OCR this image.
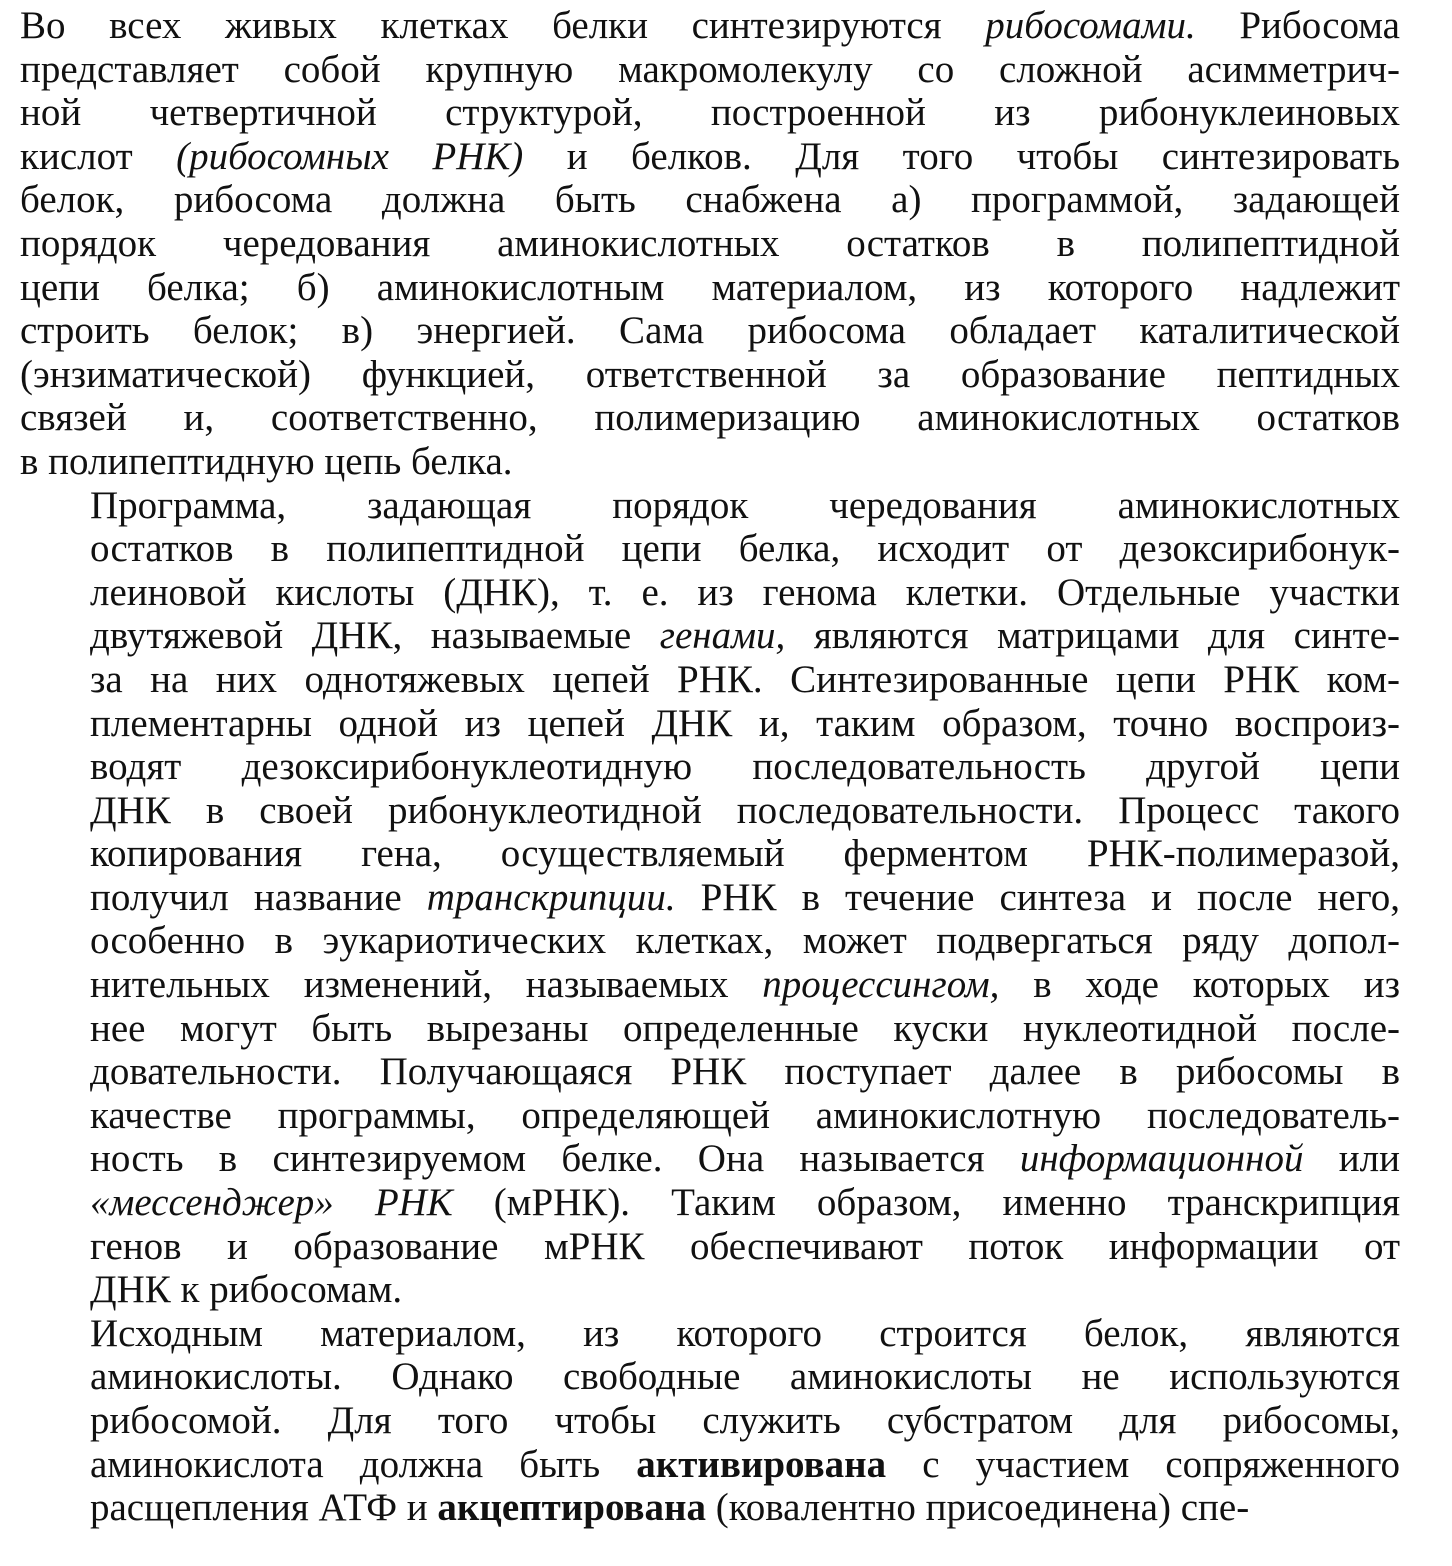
Во всех живых клетках белки синтезируются рибосомами. Рибосома
представляет собой крупную макромолекулу со сложной асимметрич-
ной четвертичной структурой, построенной из рибонуклеиновых
кислот (рибосомных РНК) и белков. Для того чтобы синтезировать
белок, рибосома должна быть снабжена а) программой, задающей
порядок чередования аминокислотных остатков в полипептидной
цепи белка; б) аминокислотным материалом, из которого надлежит
строить белок; в) энергией. Сама рибосома обладает каталитической
(энзиматической) функцией, ответственной за образование пептидных
связей и, соответственно, полимеризацию аминокислотных остатков
в полипептидную цепь белка.
Программа, задающая порядок чередования аминокислотных
остатков в полипептидной цепи белка, исходит от дезоксирибонук-
леиновой кислоты (ДНК), т. е. из генома клетки. Отдельные участки
двутяжевой ДНК, называемые генами, являются матрицами для синте-
за на них однотяжевых цепей РНК. Синтезированные цепи РНК ком-
плементарны одной из цепей ДНК и, таким образом, точно воспроиз-
водят дезоксирибонуклеотидную последовательность другой цепи
ДНК в своей рибонуклеотидной последовательности. Процесс такого
копирования гена, осуществляемый ферментом РНК-полимеразой,
получил название транскрипции. РНК в течение синтеза и после него,
особенно в эукариотических клетках, может подвергаться ряду допол-
нительных изменений, называемых процессингом, в ходе которых из
нее могут быть вырезаны определенные куски нуклеотидной после-
довательности. Получающаяся РНК поступает далее в рибосомы в
качестве программы, определяющей аминокислотную последователь-
ность в синтезируемом белке. Она называется информационной или
«мессенджер» РНК (мРНК). Таким образом, именно транскрипция
генов и образование мРНК обеспечивают поток информации от
ДНК к рибосомам.
Исходным материалом, из которого строится белок, являются
аминокислоты. Однако свободные аминокислоты не используются
рибосомой. Для того чтобы служить субстратом для рибосомы,
аминокислота должна быть активирована с участием сопряженного
расщепления АТФ и акцептирована (ковалентно присоединена) спе-
